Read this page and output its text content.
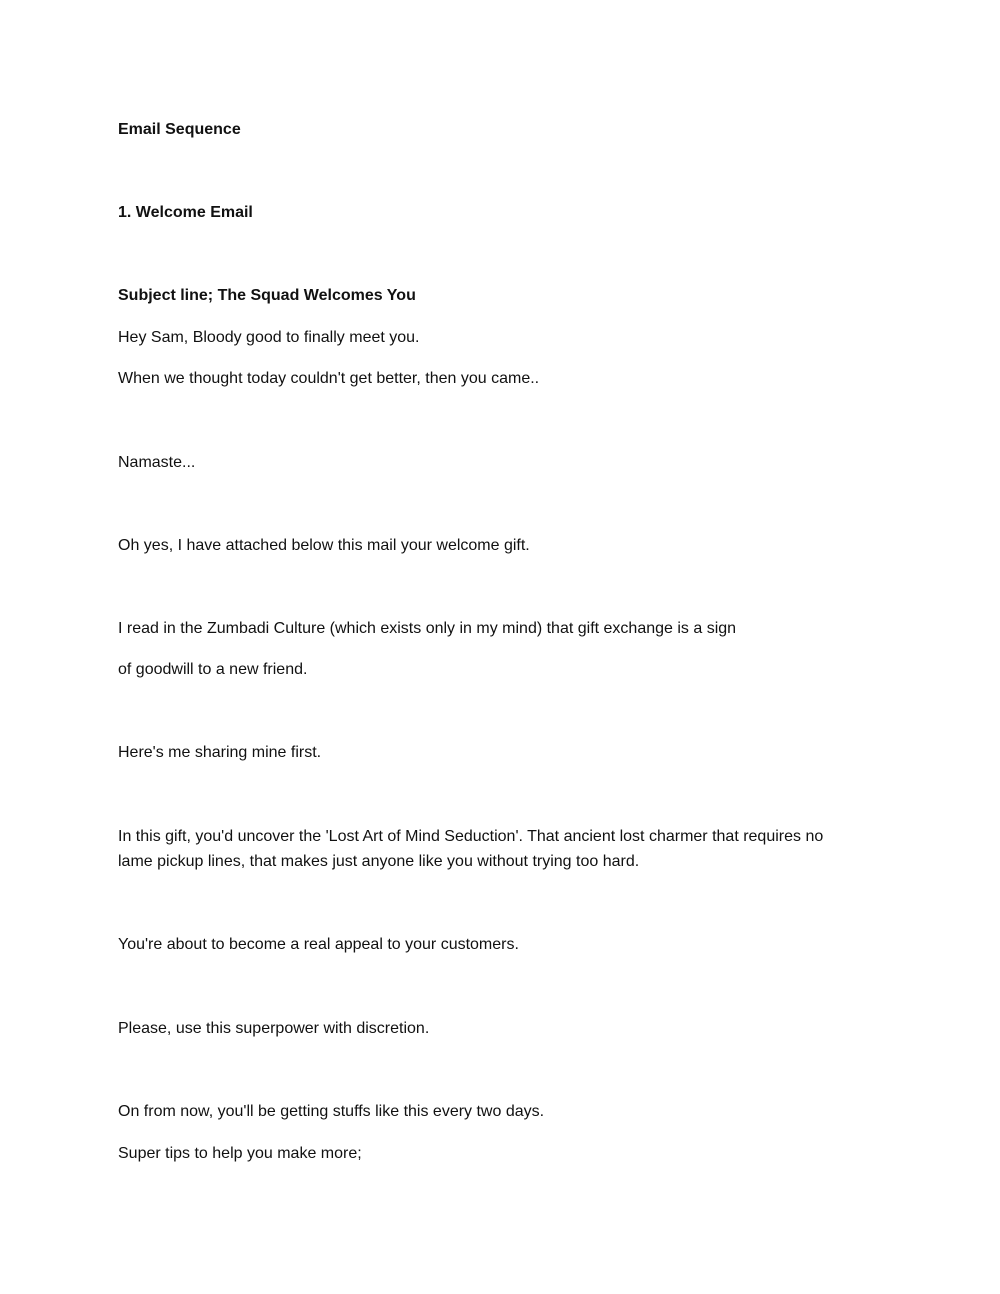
Email Sequence
1. Welcome Email
Subject line; The Squad Welcomes You
Hey Sam, Bloody good to finally meet you.
When we thought today couldn't get better, then you came..
Namaste...
Oh yes, I have attached below this mail your welcome gift.
I read in the Zumbadi Culture (which exists only in my mind) that gift exchange is a sign
of goodwill to a new friend.
Here's me sharing mine first.
In this gift, you'd uncover the 'Lost Art of Mind Seduction'. That ancient lost charmer that requires no
lame pickup lines, that makes just anyone like you without trying too hard.
You're about to become a real appeal to your customers.
Please, use this superpower with discretion.
On from now, you'll be getting stuffs like this every two days.
Super tips to help you make more;
